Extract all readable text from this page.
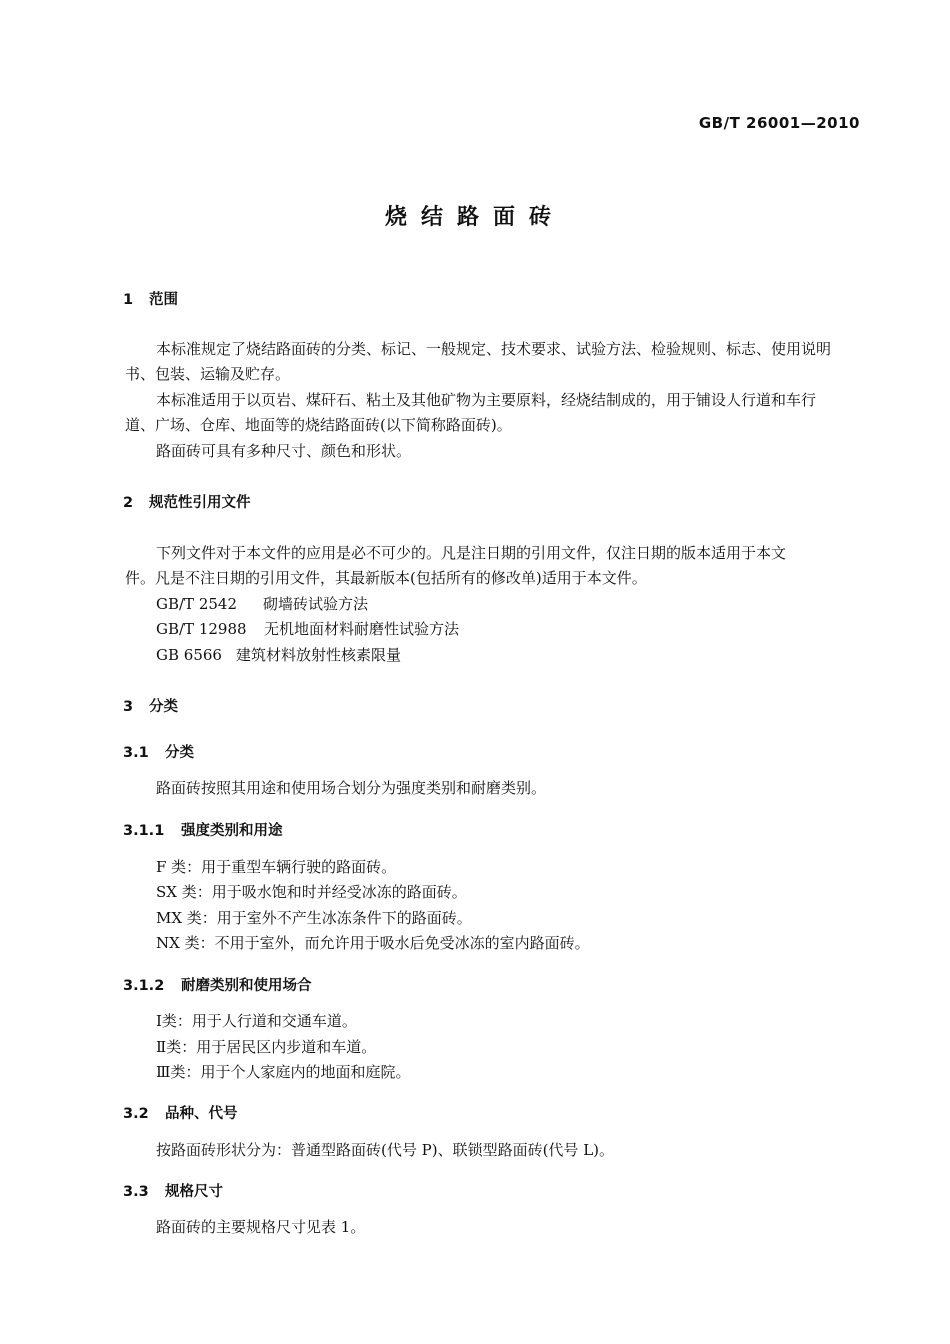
GB/T 26001—2010
烧结路面砖
1 范围
本标准规定了烧结路面砖的分类、标记、一般规定、技术要求、试验方法、检验规则、标志、使用说明
书、包装、运输及贮存。
本标准适用于以页岩、煤矸石、粘土及其他矿物为主要原料，经烧结制成的，用于铺设人行道和车行
道、广场、仓库、地面等的烧结路面砖(以下简称路面砖)。
路面砖可具有多种尺寸、颜色和形状。
2 规范性引用文件
下列文件对于本文件的应用是必不可少的。凡是注日期的引用文件，仅注日期的版本适用于本文
件。凡是不注日期的引用文件，其最新版本(包括所有的修改单)适用于本文件。
GB/T 2542 砌墙砖试验方法
GB/T 12988 无机地面材料耐磨性试验方法
GB 6566 建筑材料放射性核素限量
3 分类
3.1 分类
路面砖按照其用途和使用场合划分为强度类别和耐磨类别。
3.1.1 强度类别和用途
F 类：用于重型车辆行驶的路面砖。
SX 类：用于吸水饱和时并经受冰冻的路面砖。
MX 类：用于室外不产生冰冻条件下的路面砖。
NX 类：不用于室外，而允许用于吸水后免受冰冻的室内路面砖。
3.1.2 耐磨类别和使用场合
Ⅰ类：用于人行道和交通车道。
Ⅱ类：用于居民区内步道和车道。
Ⅲ类：用于个人家庭内的地面和庭院。
3.2 品种、代号
按路面砖形状分为：普通型路面砖(代号 P)、联锁型路面砖(代号 L)。
3.3 规格尺寸
路面砖的主要规格尺寸见表 1。
